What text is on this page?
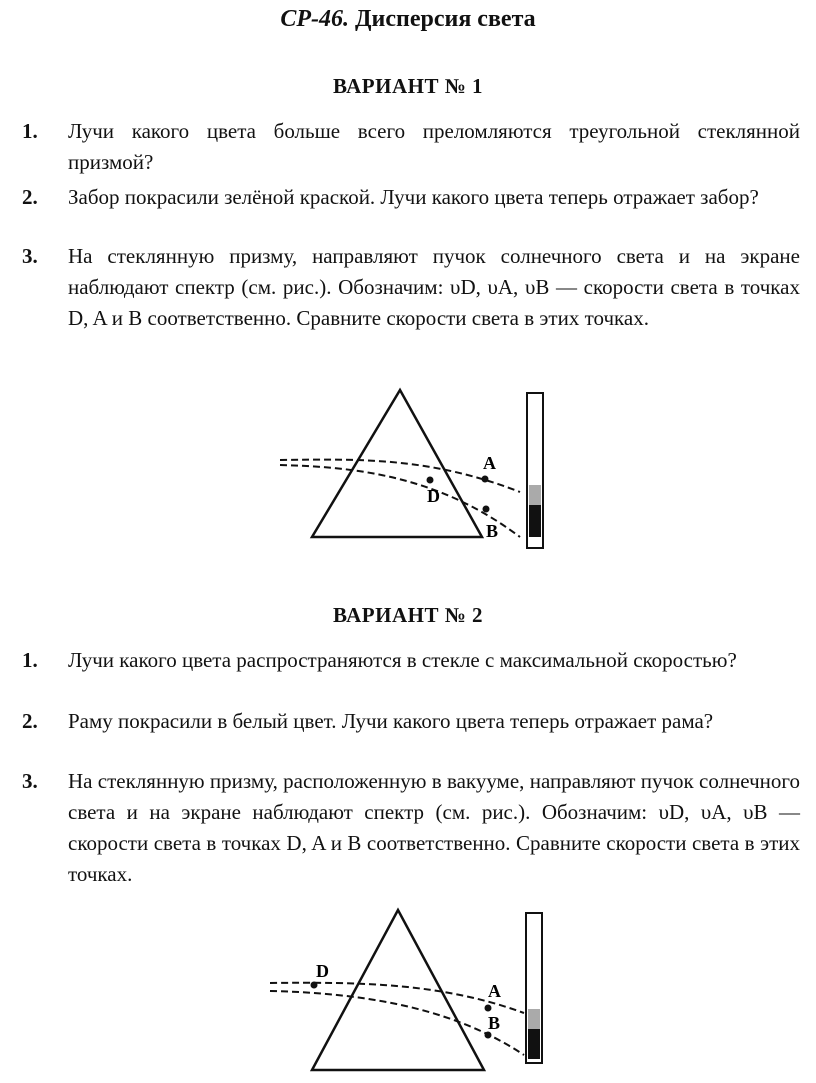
СР-46. Дисперсия света
ВАРИАНТ № 1
1. Лучи какого цвета больше всего преломляются треугольной стеклянной призмой?
2. Забор покрасили зелёной краской. Лучи какого цвета теперь отражает забор?
3. На стеклянную призму, направляют пучок солнечного света и на экране наблюдают спектр (см. рис.). Обозначим: υD, υA, υB — скорости света в точках D, A и B соответственно. Сравните скорости света в этих точках.
A
D
B
ВАРИАНТ № 2
1. Лучи какого цвета распространяются в стекле с максимальной скоростью?
2. Раму покрасили в белый цвет. Лучи какого цвета теперь отражает рама?
3. На стеклянную призму, расположенную в вакууме, направляют пучок солнечного света и на экране наблюдают спектр (см. рис.). Обозначим: υD, υA, υB — скорости света в точках D, A и B соответственно. Сравните скорости света в этих точках.
D
A
B
